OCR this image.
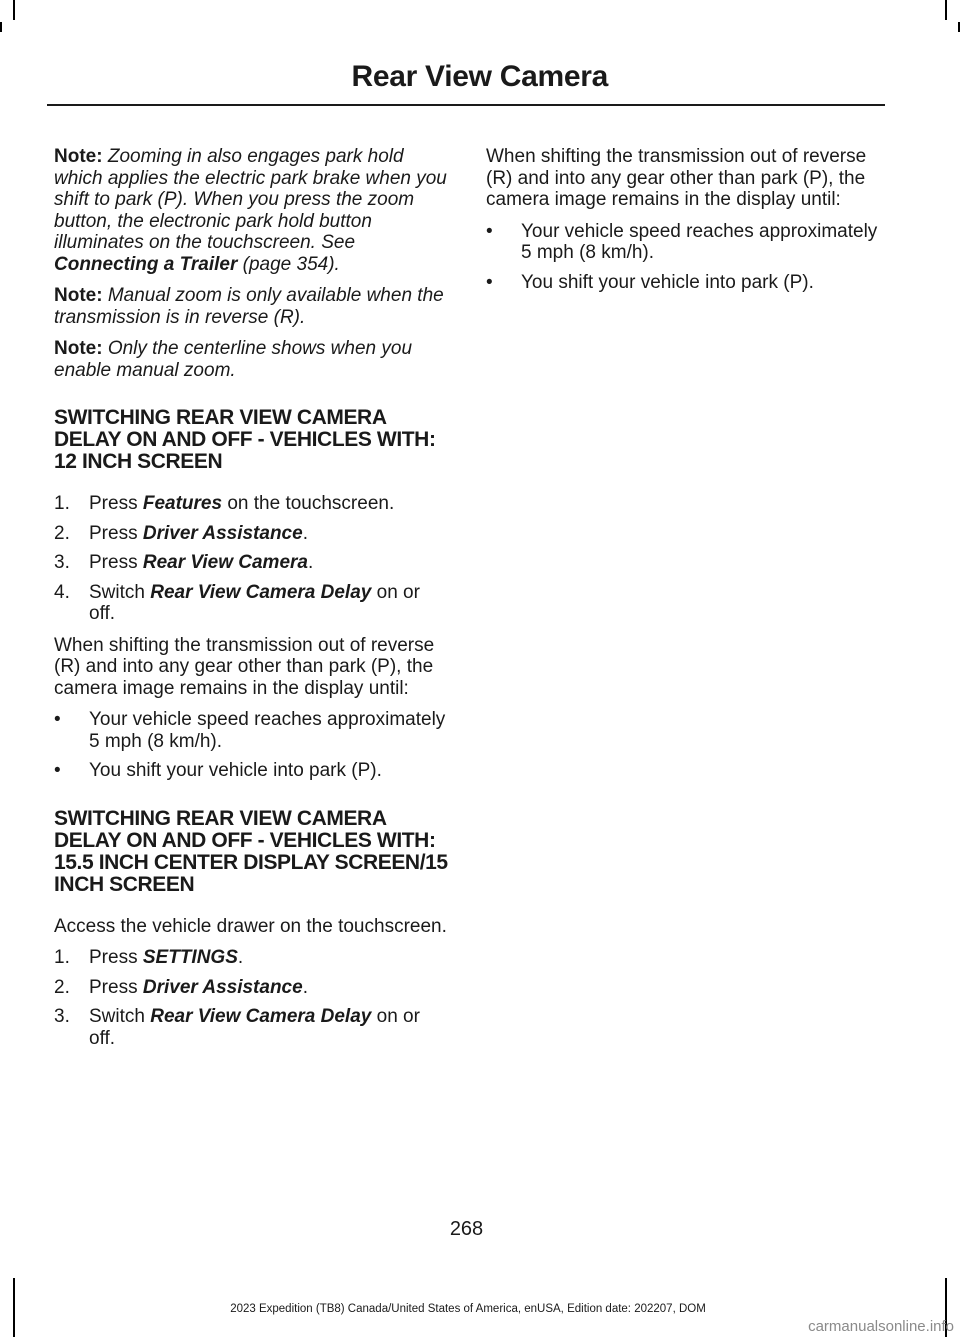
Rear View Camera

Note: Zooming in also engages park hold which applies the electric park brake when you shift to park (P). When you press the zoom button, the electronic park hold button illuminates on the touchscreen. See Connecting a Trailer (page 354).

Note: Manual zoom is only available when the transmission is in reverse (R).

Note: Only the centerline shows when you enable manual zoom.

SWITCHING REAR VIEW CAMERA DELAY ON AND OFF - VEHICLES WITH: 12 INCH SCREEN
1. Press Features on the touchscreen.
2. Press Driver Assistance.
3. Press Rear View Camera.
4. Switch Rear View Camera Delay on or off.

When shifting the transmission out of reverse (R) and into any gear other than park (P), the camera image remains in the display until:

• Your vehicle speed reaches approximately 5 mph (8 km/h).
• You shift your vehicle into park (P).
SWITCHING REAR VIEW CAMERA DELAY ON AND OFF - VEHICLES WITH: 15.5 INCH CENTER DISPLAY SCREEN/15 INCH SCREEN

Access the vehicle drawer on the touchscreen.

1. Press SETTINGS.
2. Press Driver Assistance.
3. Switch Rear View Camera Delay on or off.

When shifting the transmission out of reverse (R) and into any gear other than park (P), the camera image remains in the display until:

• Your vehicle speed reaches approximately 5 mph (8 km/h).
• You shift your vehicle into park (P).
268
2023 Expedition (TB8) Canada/United States of America, enUSA, Edition date: 202207, DOM
carmanualsonline.info
